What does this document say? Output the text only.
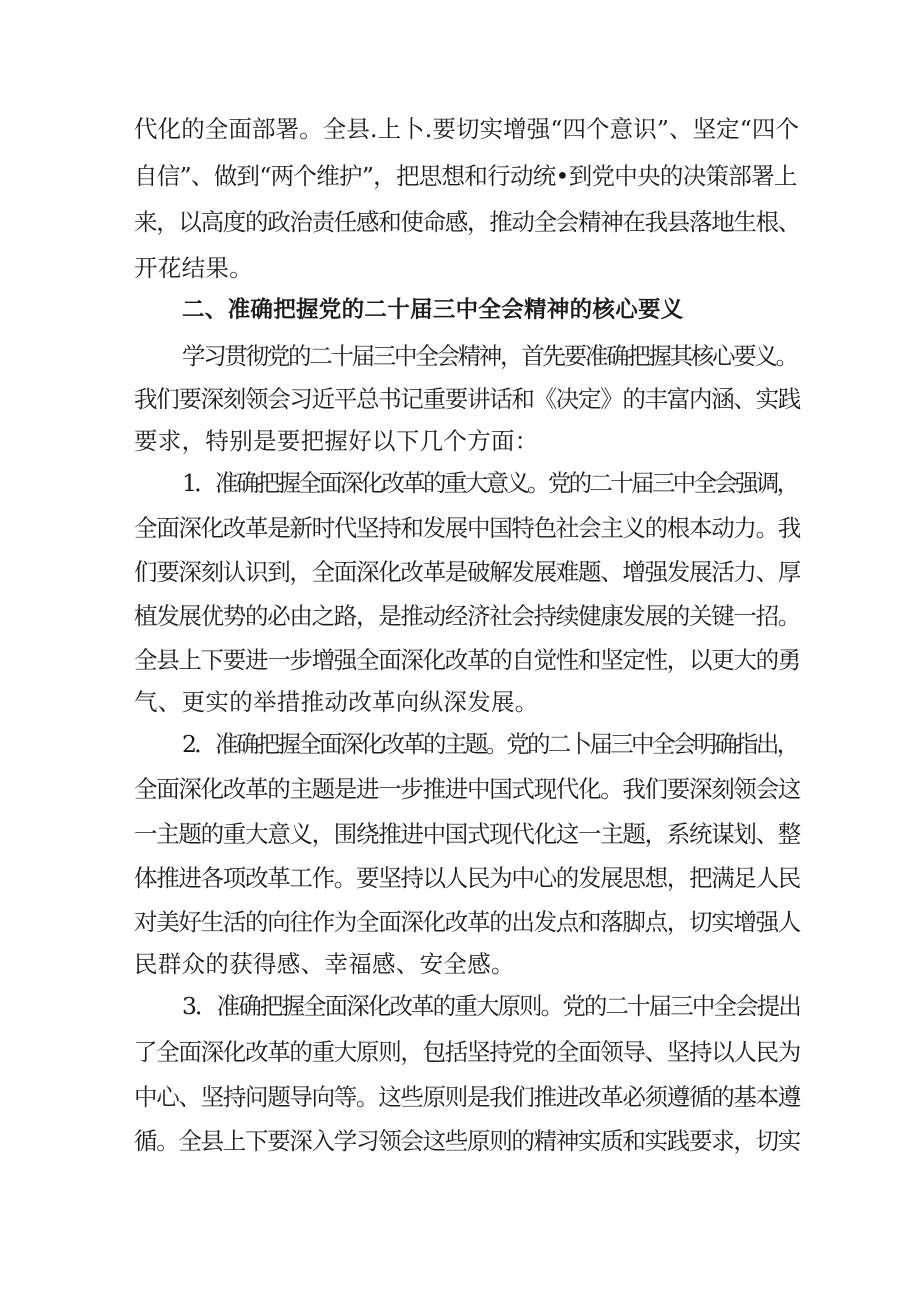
代化的全面部署。全县.上卜.要切实增强“四个意识”、坚定“四个
自信”、做到“两个维护”，把思想和行动统•到党中央的决策部署上
来，以高度的政治责任感和使命感，推动全会精神在我县落地生根、
开花结果。
二、准确把握党的二十届三中全会精神的核心要义
学习贯彻党的二十届三中全会精神，首先要准确把握其核心要义。
我们要深刻领会习近平总书记重要讲话和《决定》的丰富内涵、实践
要求，特别是要把握好以下几个方面：
1．准确把握全面深化改革的重大意义。党的二十届三中全会强调，
全面深化改革是新时代坚持和发展中国特色社会主义的根本动力。我
们要深刻认识到，全面深化改革是破解发展难题、增强发展活力、厚
植发展优势的必由之路，是推动经济社会持续健康发展的关键一招。
全县上下要进一步增强全面深化改革的自觉性和坚定性，以更大的勇
气、更实的举措推动改革向纵深发展。
2．准确把握全面深化改革的主题。党的二卜届三中全会明确指出，
全面深化改革的主题是进一步推进中国式现代化。我们要深刻领会这
一主题的重大意义，围绕推进中国式现代化这一主题，系统谋划、整
体推进各项改革工作。要坚持以人民为中心的发展思想，把满足人民
对美好生活的向往作为全面深化改革的出发点和落脚点，切实增强人
民群众的获得感、幸福感、安全感。
3．准确把握全面深化改革的重大原则。党的二十届三中全会提出
了全面深化改革的重大原则，包括坚持党的全面领导、坚持以人民为
中心、坚持问题导向等。这些原则是我们推进改革必须遵循的基本遵
循。全县上下要深入学习领会这些原则的精神实质和实践要求，切实
